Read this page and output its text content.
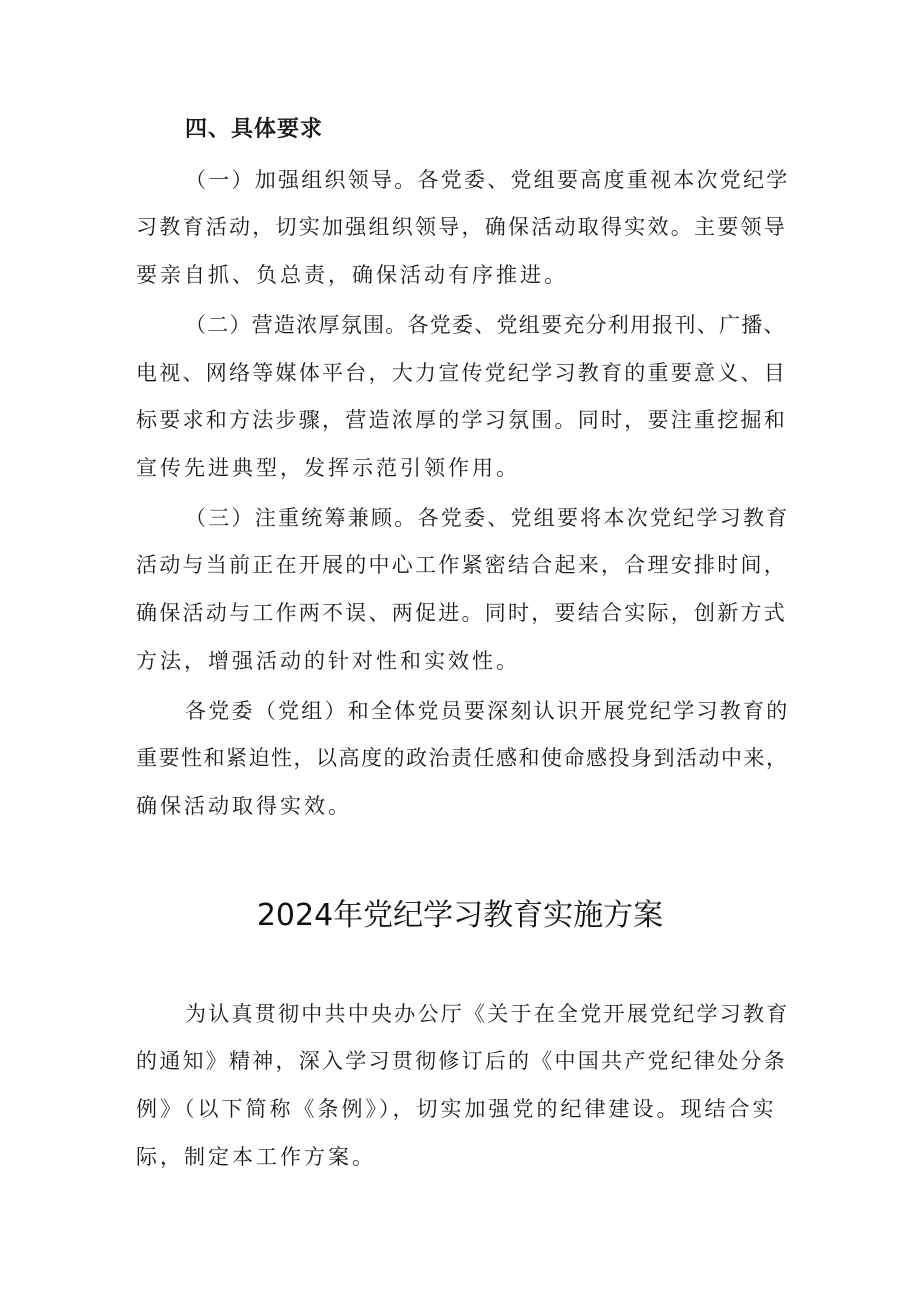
四、具体要求
（一）加强组织领导。各党委、党组要高度重视本次党纪学
习教育活动，切实加强组织领导，确保活动取得实效。主要领导
要亲自抓、负总责，确保活动有序推进。
（二）营造浓厚氛围。各党委、党组要充分利用报刊、广播、
电视、网络等媒体平台，大力宣传党纪学习教育的重要意义、目
标要求和方法步骤，营造浓厚的学习氛围。同时，要注重挖掘和
宣传先进典型，发挥示范引领作用。
（三）注重统筹兼顾。各党委、党组要将本次党纪学习教育
活动与当前正在开展的中心工作紧密结合起来，合理安排时间，
确保活动与工作两不误、两促进。同时，要结合实际，创新方式
方法，增强活动的针对性和实效性。
各党委（党组）和全体党员要深刻认识开展党纪学习教育的
重要性和紧迫性，以高度的政治责任感和使命感投身到活动中来，
确保活动取得实效。
2024年党纪学习教育实施方案
为认真贯彻中共中央办公厅《关于在全党开展党纪学习教育
的通知》精神，深入学习贯彻修订后的《中国共产党纪律处分条
例》（以下简称《条例》），切实加强党的纪律建设。现结合实
际，制定本工作方案。
